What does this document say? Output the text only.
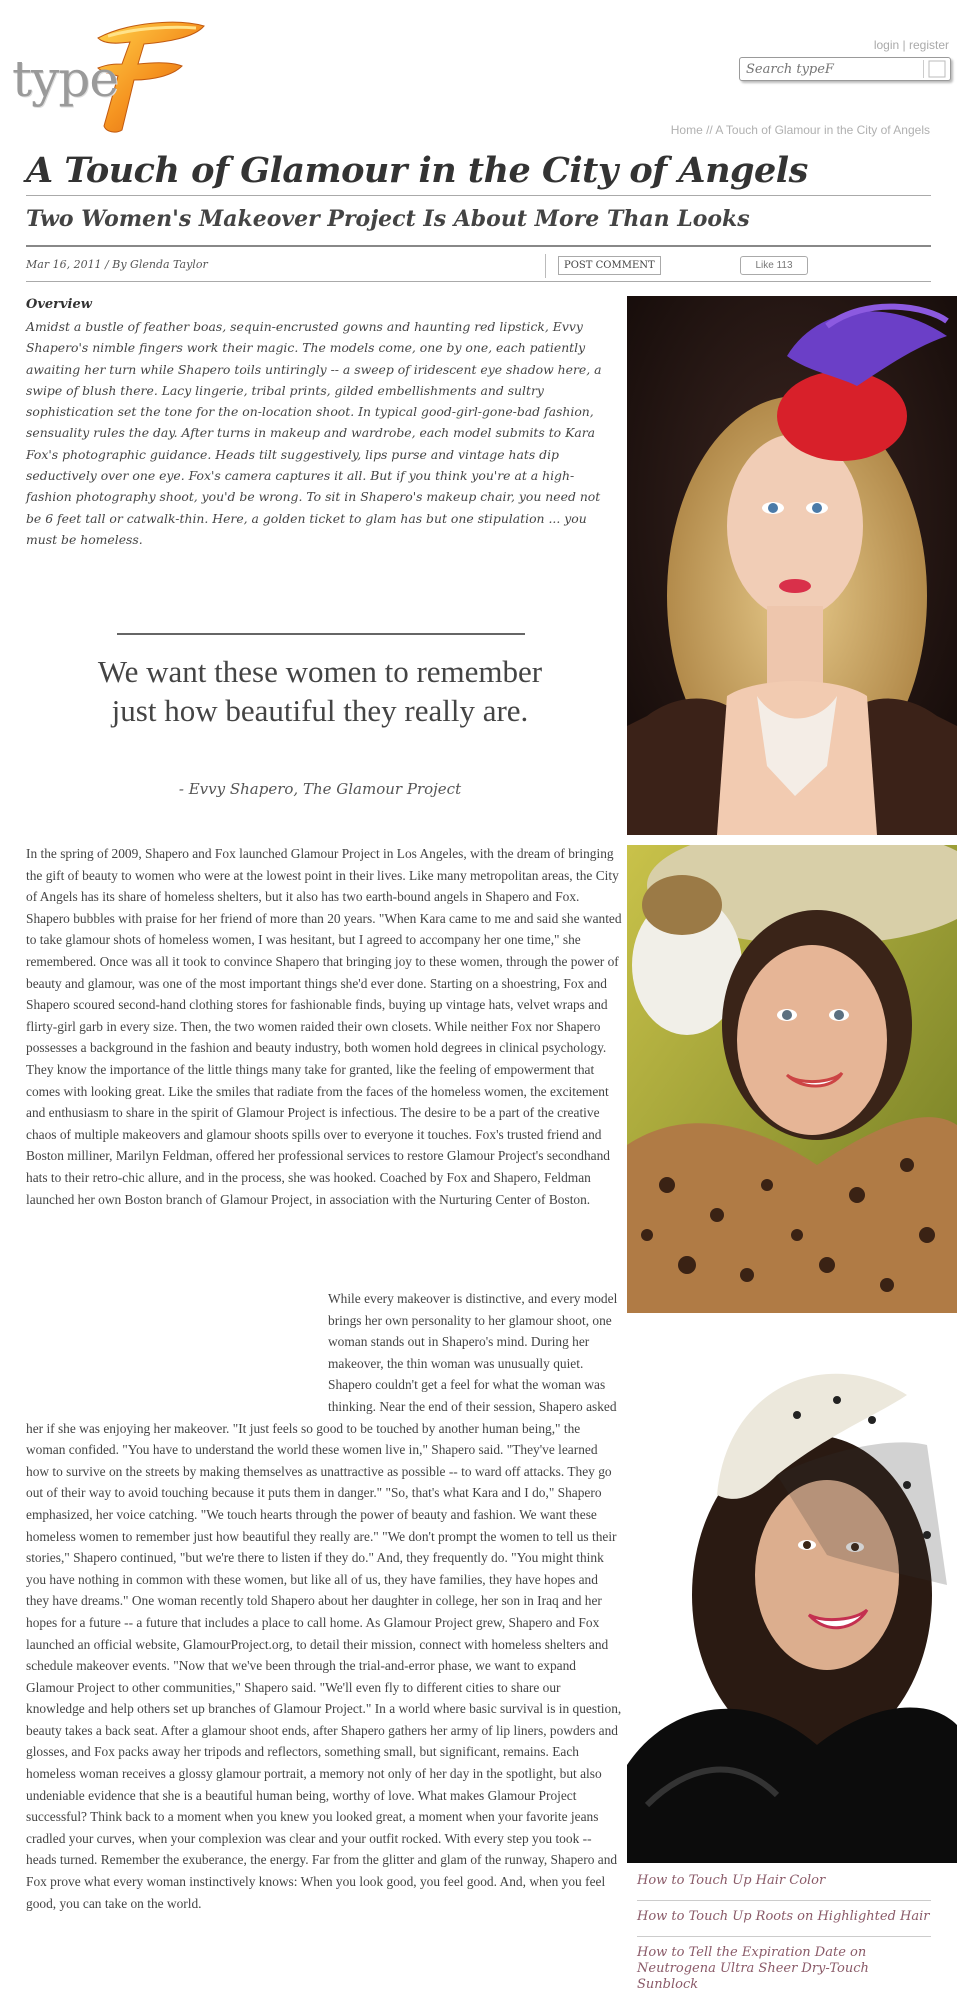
type
login | register
Search typeF
Home // A Touch of Glamour in the City of Angels
A Touch of Glamour in the City of Angels
Two Women's Makeover Project Is About More Than Looks
Mar 16, 2011 / By Glenda Taylor	POST COMMENT	Like 113
Overview

Amidst a bustle of feather boas, sequin-encrusted gowns and haunting red lipstick, Evvy Shapero's nimble fingers work their magic. The models come, one by one, each patiently awaiting her turn while Shapero toils untiringly -- a sweep of iridescent eye shadow here, a swipe of blush there. Lacy lingerie, tribal prints, gilded embellishments and sultry sophistication set the tone for the on-location shoot. In typical good-girl-gone-bad fashion, sensuality rules the day. After turns in makeup and wardrobe, each model submits to Kara Fox's photographic guidance. Heads tilt suggestively, lips purse and vintage hats dip seductively over one eye. Fox's camera captures it all. But if you think you're at a high-fashion photography shoot, you'd be wrong. To sit in Shapero's makeup chair, you need not be 6 feet tall or catwalk-thin. Here, a golden ticket to glam has but one stipulation ... you must be homeless.

We want these women to remember just how beautiful they really are.
- Evvy Shapero, The Glamour Project

In the spring of 2009, Shapero and Fox launched Glamour Project in Los Angeles, with the dream of bringing the gift of beauty to women who were at the lowest point in their lives. Like many metropolitan areas, the City of Angels has its share of homeless shelters, but it also has two earth-bound angels in Shapero and Fox. Shapero bubbles with praise for her friend of more than 20 years. "When Kara came to me and said she wanted to take glamour shots of homeless women, I was hesitant, but I agreed to accompany her one time," she remembered. Once was all it took to convince Shapero that bringing joy to these women, through the power of beauty and glamour, was one of the most important things she'd ever done. Starting on a shoestring, Fox and Shapero scoured second-hand clothing stores for fashionable finds, buying up vintage hats, velvet wraps and flirty-girl garb in every size. Then, the two women raided their own closets. While neither Fox nor Shapero possesses a background in the fashion and beauty industry, both women hold degrees in clinical psychology. They know the importance of the little things many take for granted, like the feeling of empowerment that comes with looking great. Like the smiles that radiate from the faces of the homeless women, the excitement and enthusiasm to share in the spirit of Glamour Project is infectious. The desire to be a part of the creative chaos of multiple makeovers and glamour shoots spills over to everyone it touches. Fox's trusted friend and Boston milliner, Marilyn Feldman, offered her professional services to restore Glamour Project's secondhand hats to their retro-chic allure, and in the process, she was hooked. Coached by Fox and Shapero, Feldman launched her own Boston branch of Glamour Project, in association with the Nurturing Center of Boston.

While every makeover is distinctive, and every model brings her own personality to her glamour shoot, one woman stands out in Shapero's mind. During her makeover, the thin woman was unusually quiet. Shapero couldn't get a feel for what the woman was thinking. Near the end of their session, Shapero asked her if she was enjoying her makeover. "It just feels so good to be touched by another human being," the woman confided. "You have to understand the world these women live in," Shapero said. "They've learned how to survive on the streets by making themselves as unattractive as possible -- to ward off attacks. They go out of their way to avoid touching because it puts them in danger." "So, that's what Kara and I do," Shapero emphasized, her voice catching. "We touch hearts through the power of beauty and fashion. We want these homeless women to remember just how beautiful they really are." "We don't prompt the women to tell us their stories," Shapero continued, "but we're there to listen if they do." And, they frequently do. "You might think you have nothing in common with these women, but like all of us, they have families, they have hopes and they have dreams." One woman recently told Shapero about her daughter in college, her son in Iraq and her hopes for a future -- a future that includes a place to call home. As Glamour Project grew, Shapero and Fox launched an official website, GlamourProject.org, to detail their mission, connect with homeless shelters and schedule makeover events. "Now that we've been through the trial-and-error phase, we want to expand Glamour Project to other communities," Shapero said. "We'll even fly to different cities to share our knowledge and help others set up branches of Glamour Project." In a world where basic survival is in question, beauty takes a back seat. After a glamour shoot ends, after Shapero gathers her army of lip liners, powders and glosses, and Fox packs away her tripods and reflectors, something small, but significant, remains. Each homeless woman receives a glossy glamour portrait, a memory not only of her day in the spotlight, but also undeniable evidence that she is a beautiful human being, worthy of love. What makes Glamour Project successful? Think back to a moment when you knew you looked great, a moment when your favorite jeans cradled your curves, when your complexion was clear and your outfit rocked. With every step you took -- heads turned. Remember the exuberance, the energy. Far from the glitter and glam of the runway, Shapero and Fox prove what every woman instinctively knows: When you look good, you feel good. And, when you feel good, you can take on the world.
How to Touch Up Hair Color
How to Touch Up Roots on Highlighted Hair
How to Tell the Expiration Date on Neutrogena Ultra Sheer Dry-Touch Sunblock
